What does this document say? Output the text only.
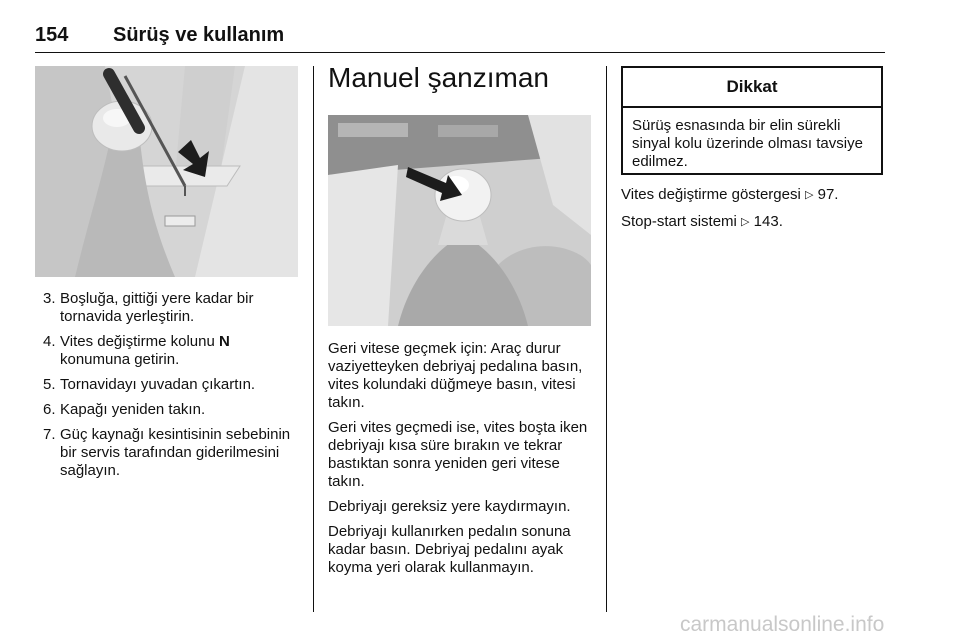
154 Sürüş ve kullanım
3. Boşluğa, gittiği yere kadar bir tornavida yerleştirin.
4. Vites değiştirme kolunu N konumuna getirin.
5. Tornavidayı yuvadan çıkartın.
6. Kapağı yeniden takın.
7. Güç kaynağı kesintisinin sebebinin bir servis tarafından giderilmesini sağlayın.
Manuel şanzıman

Geri vitese geçmek için: Araç durur vaziyetteyken debriyaj pedalına basın, vites kolundaki düğmeye basın, vitesi takın.

Geri vites geçmedi ise, vites boşta iken debriyajı kısa süre bırakın ve tekrar bastıktan sonra yeniden geri vitese takın.

Debriyajı gereksiz yere kaydırmayın.

Debriyajı kullanırken pedalın sonuna kadar basın. Debriyaj pedalını ayak koyma yeri olarak kullanmayın.

Dikkat
Sürüş esnasında bir elin sürekli sinyal kolu üzerinde olması tavsiye edilmez.

Vites değiştirme göstergesi ▷ 97.

Stop-start sistemi ▷ 143.

carmanualsonline.info
